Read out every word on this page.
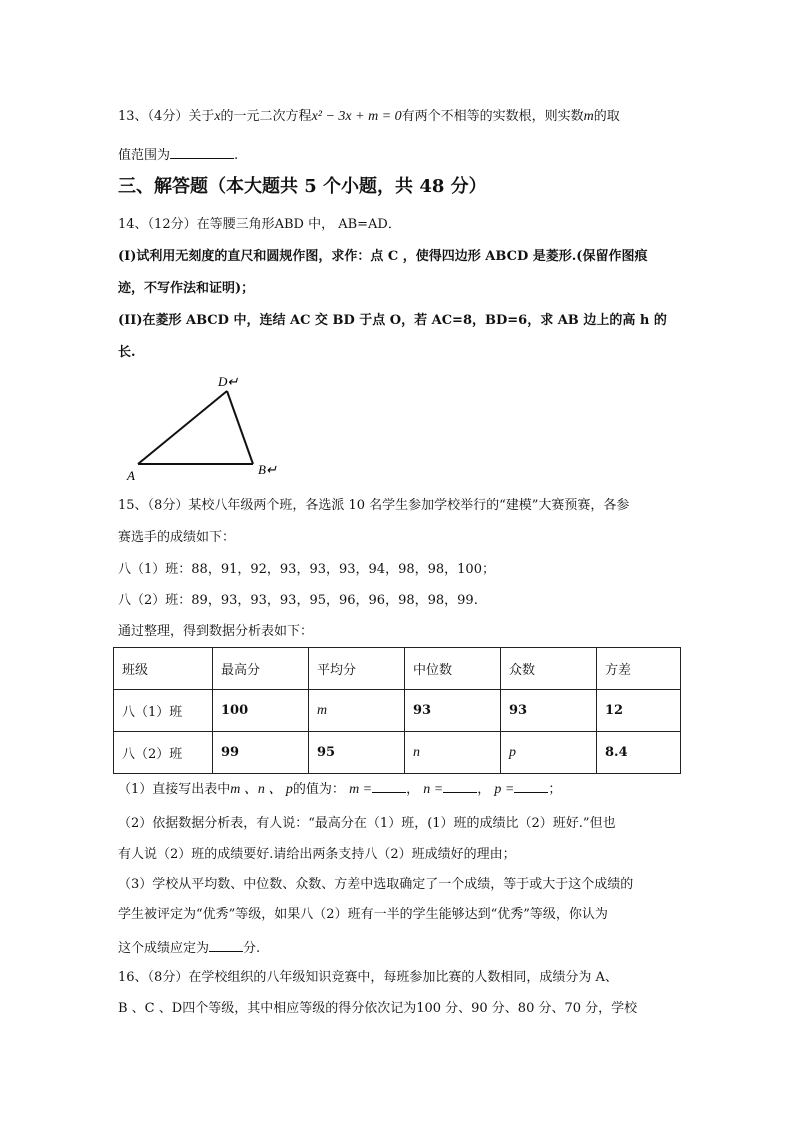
13、（4分）关于x的一元二次方程x² − 3x + m = 0有两个不相等的实数根，则实数m的取
值范围为	.
三、解答题（本大题共 5 个小题，共 48 分）
14、（12分）在等腰三角形ABD 中， AB=AD．
(I)试利用无刻度的直尺和圆规作图，求作：点 C ，使得四边形 ABCD 是菱形.(保留作图痕
迹，不写作法和证明)；
(II)在菱形 ABCD 中，连结 AC 交 BD 于点 O，若 AC=8，BD=6，求 AB 边上的高 h 的
长.
A	B↵
D↵
15、（8分）某校八年级两个班，各选派 10 名学生参加学校举行的“建模”大赛预赛，各参
赛选手的成绩如下：
八（1）班：88，91，92，93，93，93，94，98，98，100；
八（2）班：89，93，93，93，95，96，96，98，98，99.
通过整理，得到数据分析表如下：
班级	最高分	平均分	中位数	众数	方差
八（1）班	100	m	93	93	12
八（2）班	99	95	n	p	8.4
（1）直接写出表中m 、n 、 p的值为： m =	， n =	， p =	；
（2）依据数据分析表，有人说：“最高分在（1）班，(1）班的成绩比（2）班好.”但也
有人说（2）班的成绩要好.请给出两条支持八（2）班成绩好的理由；
（3）学校从平均数、中位数、众数、方差中选取确定了一个成绩，等于或大于这个成绩的
学生被评定为“优秀”等级，如果八（2）班有一半的学生能够达到“优秀”等级，你认为
这个成绩应定为	分.
16、（8分）在学校组织的八年级知识竞赛中，每班参加比赛的人数相同，成绩分为 A、
B 、C 、D四个等级，其中相应等级的得分依次记为100 分、90 分、80 分、70 分，学校
